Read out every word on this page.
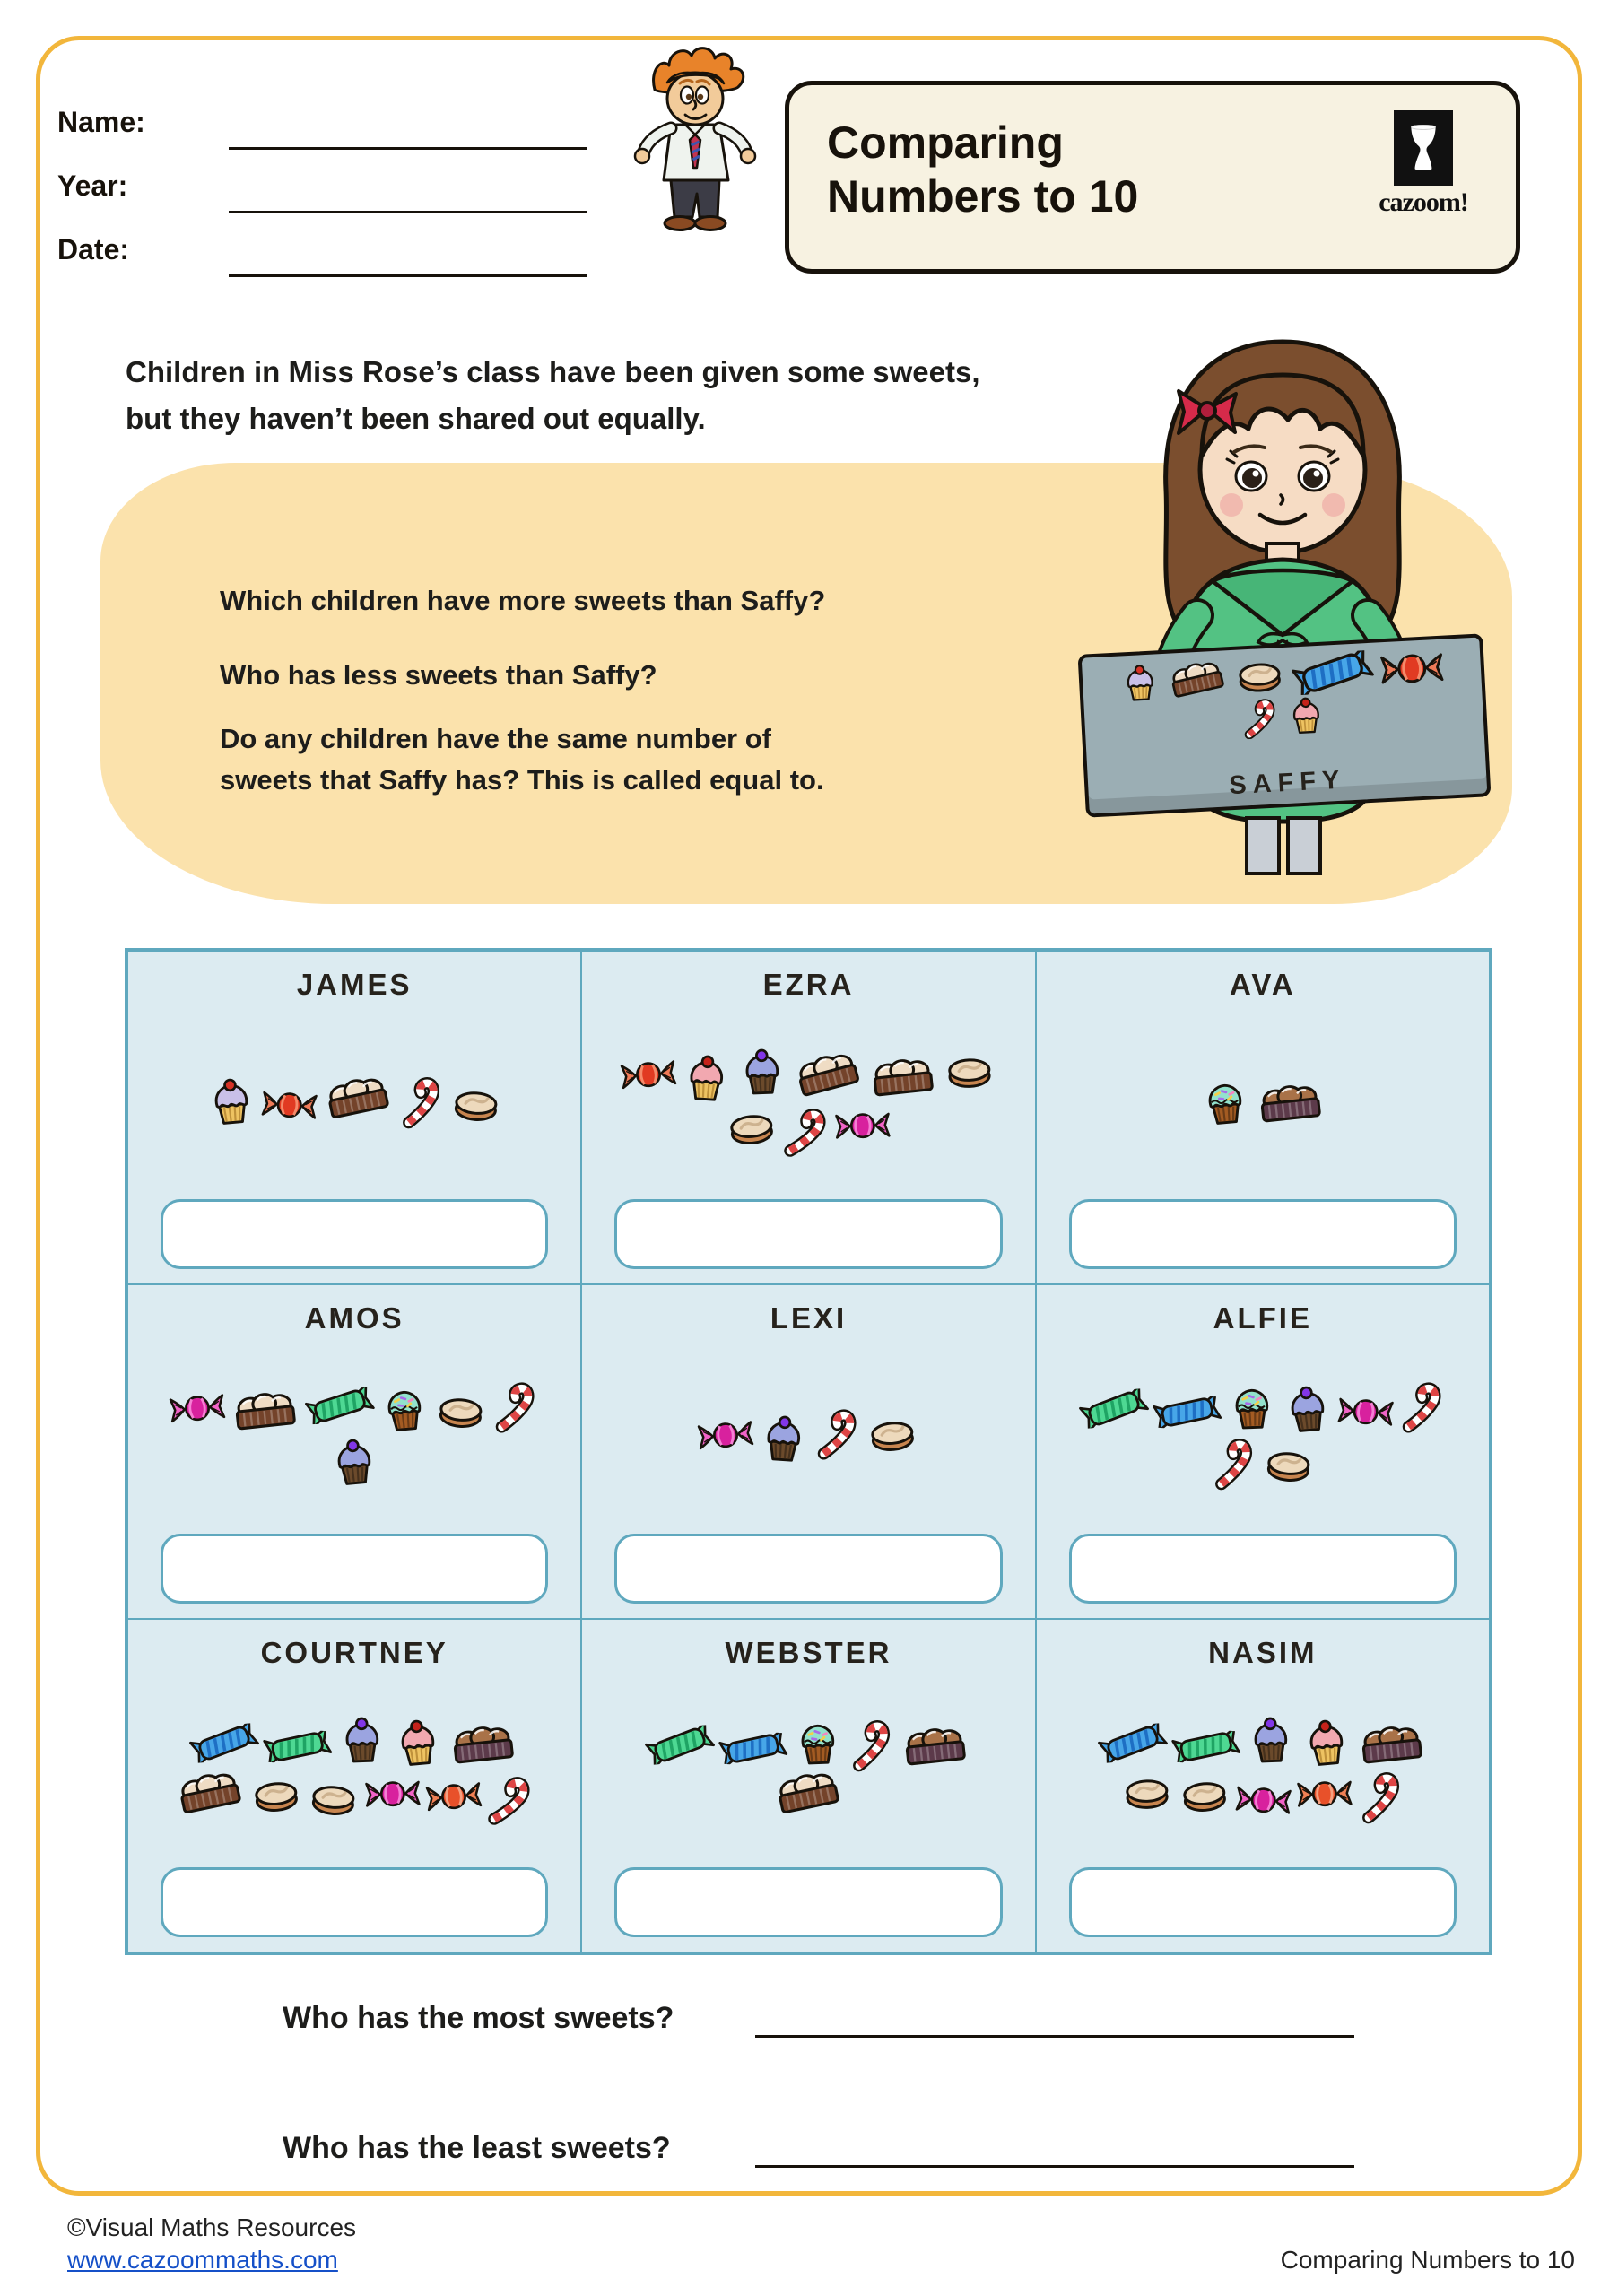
Name:
Year:
Date:
Comparing
Numbers to 10	cazoom!
Children in Miss Rose’s class have been given some sweets,
but they haven’t been shared out equally.
Which children have more sweets than Saffy?
Who has less sweets than Saffy?
Do any children have the same number of
sweets that Saffy has? This is called equal to.	SAFFY
JAMES	EZRA	AVA
AMOS	LEXI	ALFIE
COURTNEY	WEBSTER	NASIM
Who has the most sweets?
Who has the least sweets?
©Visual Maths Resources
www.cazoommaths.com	Comparing Numbers to 10
